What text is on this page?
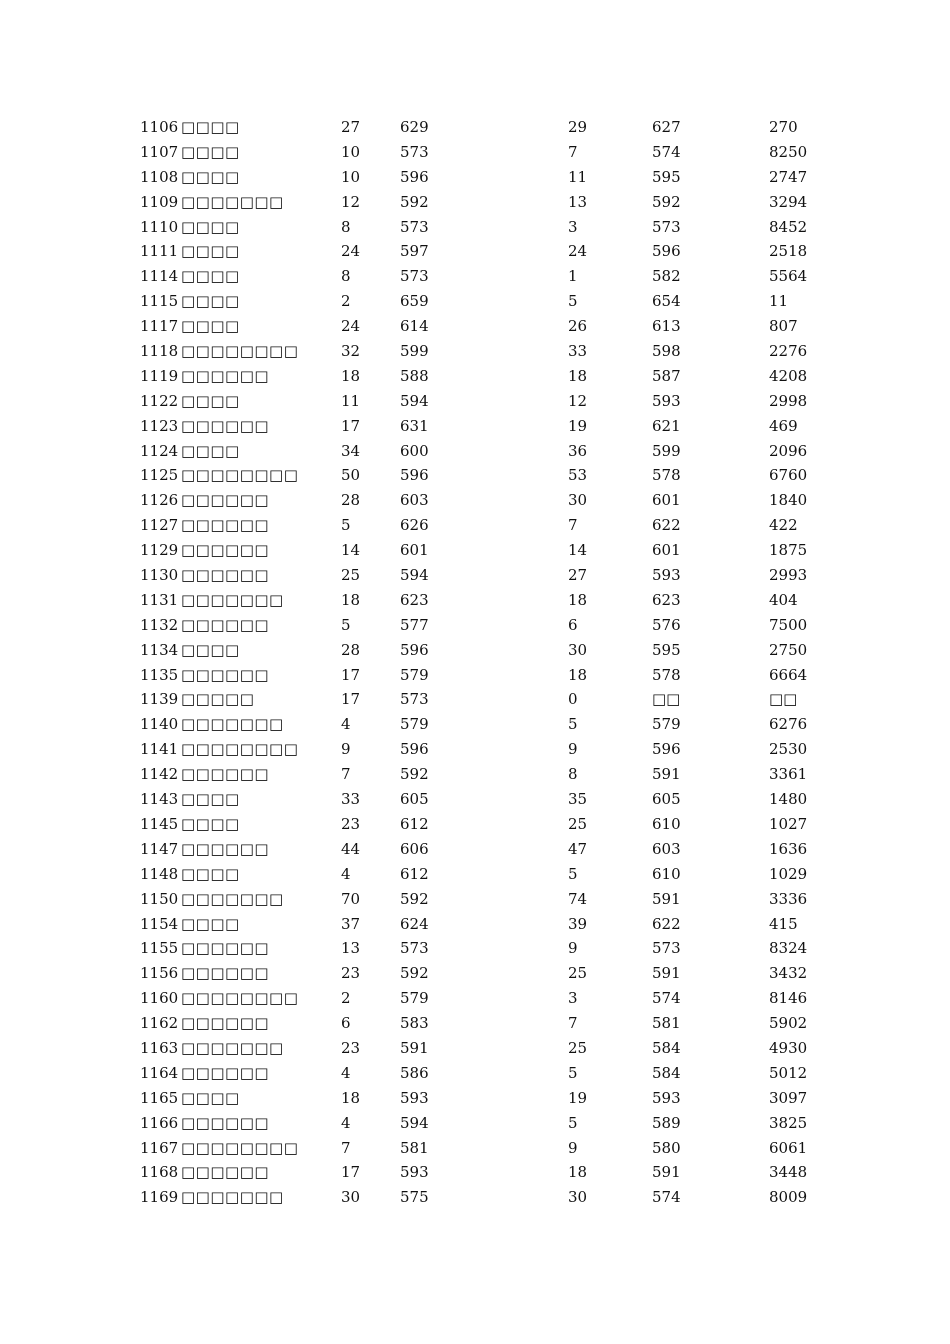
1106 □□□□	27	629	29	627	270
1107 □□□□	10	573	7	574	8250
1108 □□□□	10	596	11	595	2747
1109 □□□□□□□	12	592	13	592	3294
1110 □□□□	8	573	3	573	8452
1111 □□□□	24	597	24	596	2518
1114 □□□□	8	573	1	582	5564
1115 □□□□	2	659	5	654	11
1117 □□□□	24	614	26	613	807
1118 □□□□□□□□	32	599	33	598	2276
1119 □□□□□□	18	588	18	587	4208
1122 □□□□	11	594	12	593	2998
1123 □□□□□□	17	631	19	621	469
1124 □□□□	34	600	36	599	2096
1125 □□□□□□□□	50	596	53	578	6760
1126 □□□□□□	28	603	30	601	1840
1127 □□□□□□	5	626	7	622	422
1129 □□□□□□	14	601	14	601	1875
1130 □□□□□□	25	594	27	593	2993
1131 □□□□□□□	18	623	18	623	404
1132 □□□□□□	5	577	6	576	7500
1134 □□□□	28	596	30	595	2750
1135 □□□□□□	17	579	18	578	6664
1139 □□□□□	17	573	0	□□	□□
1140 □□□□□□□	4	579	5	579	6276
1141 □□□□□□□□	9	596	9	596	2530
1142 □□□□□□	7	592	8	591	3361
1143 □□□□	33	605	35	605	1480
1145 □□□□	23	612	25	610	1027
1147 □□□□□□	44	606	47	603	1636
1148 □□□□	4	612	5	610	1029
1150 □□□□□□□	70	592	74	591	3336
1154 □□□□	37	624	39	622	415
1155 □□□□□□	13	573	9	573	8324
1156 □□□□□□	23	592	25	591	3432
1160 □□□□□□□□	2	579	3	574	8146
1162 □□□□□□	6	583	7	581	5902
1163 □□□□□□□	23	591	25	584	4930
1164 □□□□□□	4	586	5	584	5012
1165 □□□□	18	593	19	593	3097
1166 □□□□□□	4	594	5	589	3825
1167 □□□□□□□□	7	581	9	580	6061
1168 □□□□□□	17	593	18	591	3448
1169 □□□□□□□	30	575	30	574	8009
